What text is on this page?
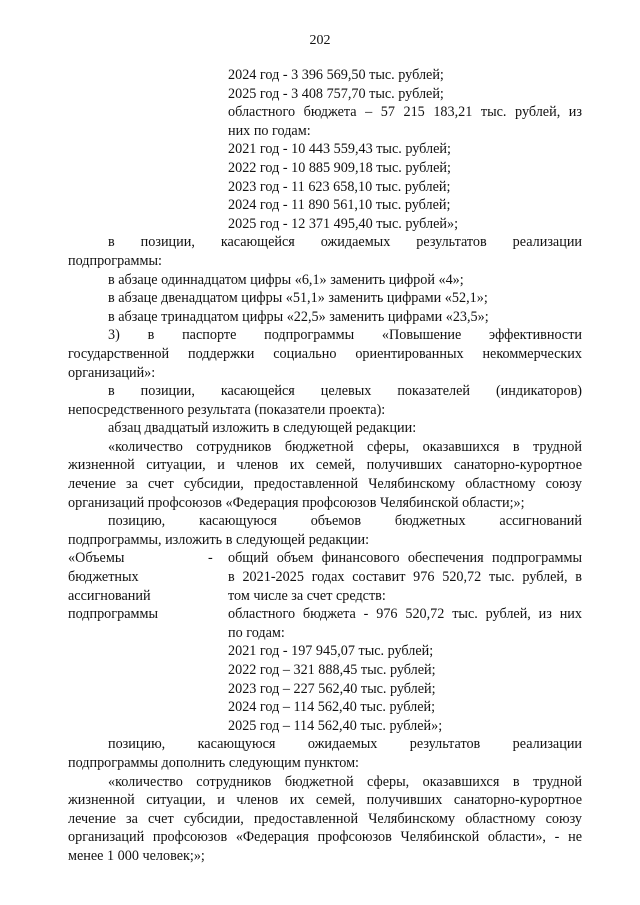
202
2024 год - 3 396 569,50 тыс. рублей;
2025 год - 3 408 757,70 тыс. рублей;
областного бюджета – 57 215 183,21 тыс. рублей, из
них по годам:
2021 год - 10 443 559,43 тыс. рублей;
2022 год - 10 885 909,18 тыс. рублей;
2023 год - 11 623 658,10 тыс. рублей;
2024 год - 11 890 561,10 тыс. рублей;
2025 год - 12 371 495,40 тыс. рублей»;
в позиции, касающейся ожидаемых результатов реализации
подпрограммы:
в абзаце одиннадцатом цифры «6,1» заменить цифрой «4»;
в абзаце двенадцатом цифры «51,1» заменить цифрами «52,1»;
в абзаце тринадцатом цифры «22,5» заменить цифрами «23,5»;
3) в паспорте подпрограммы «Повышение эффективности
государственной поддержки социально ориентированных некоммерческих
организаций»:
в позиции, касающейся целевых показателей (индикаторов)
непосредственного результата (показатели проекта):
абзац двадцатый изложить в следующей редакции:
«количество сотрудников бюджетной сферы, оказавшихся в трудной
жизненной ситуации, и членов их семей, получивших санаторно-курортное
лечение за счет субсидии, предоставленной Челябинскому областному союзу
организаций профсоюзов «Федерация профсоюзов Челябинской области;»;
позицию, касающуюся объемов бюджетных ассигнований
подпрограммы, изложить в следующей редакции:
«Объемы
бюджетных
ассигнований
подпрограммы
-	общий объем финансового обеспечения подпрограммы
в 2021-2025 годах составит 976 520,72 тыс. рублей, в
том числе за счет средств:
областного бюджета - 976 520,72 тыс. рублей, из них
по годам:
2021 год - 197 945,07 тыс. рублей;
2022 год – 321 888,45 тыс. рублей;
2023 год – 227 562,40 тыс. рублей;
2024 год – 114 562,40 тыс. рублей;
2025 год – 114 562,40 тыс. рублей»;
позицию, касающуюся ожидаемых результатов реализации
подпрограммы дополнить следующим пунктом:
«количество сотрудников бюджетной сферы, оказавшихся в трудной
жизненной ситуации, и членов их семей, получивших санаторно-курортное
лечение за счет субсидии, предоставленной Челябинскому областному союзу
организаций профсоюзов «Федерация профсоюзов Челябинской области», - не
менее 1 000 человек;»;
